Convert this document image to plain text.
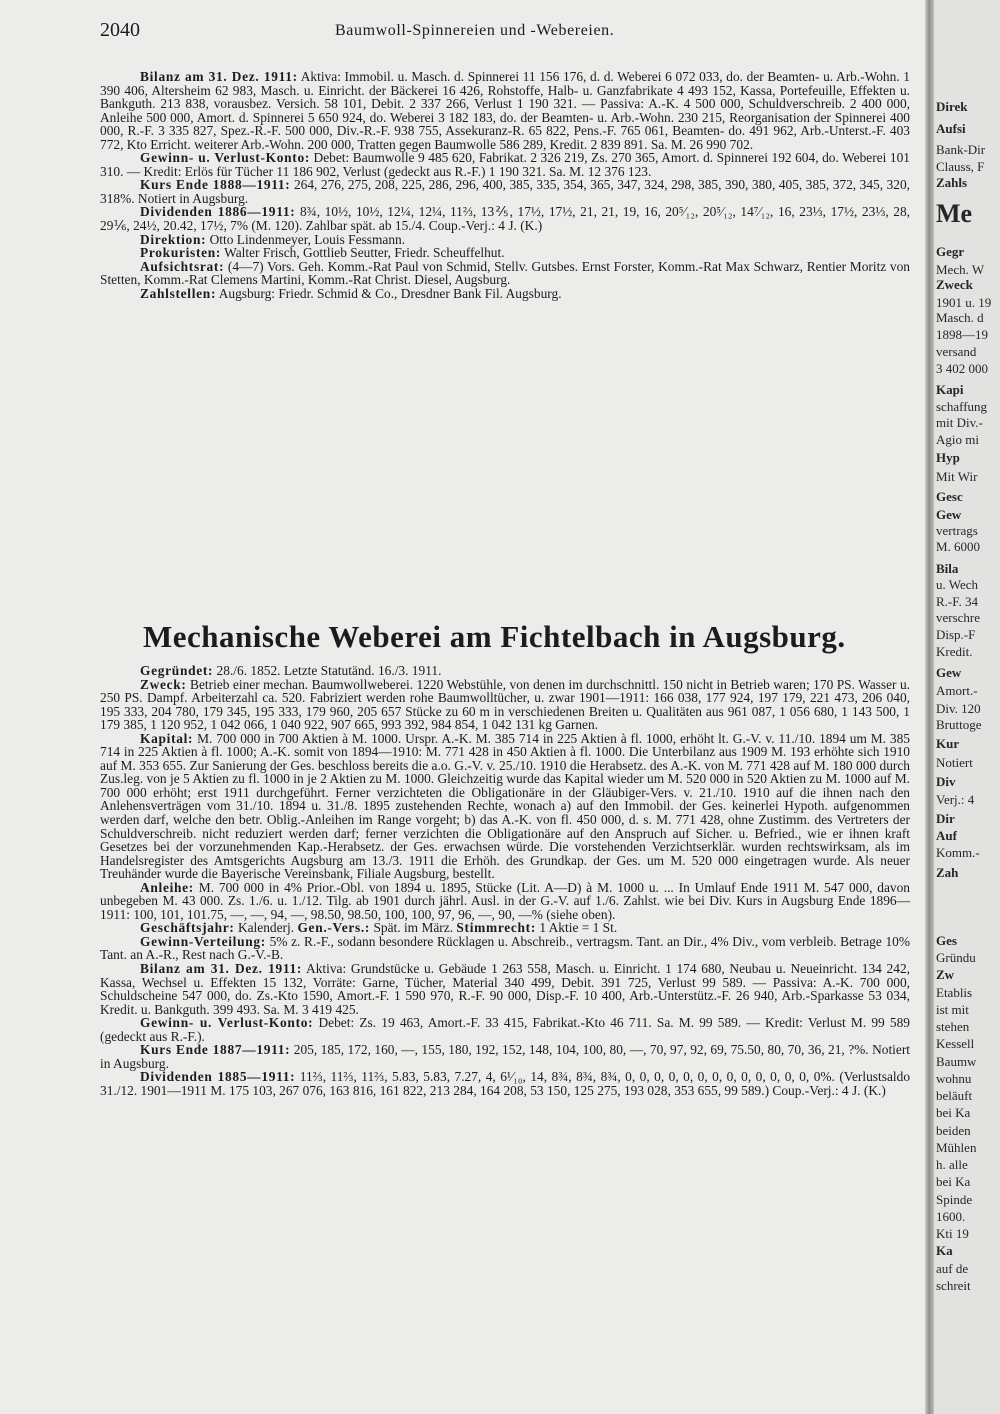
2040	Baumwoll-Spinnereien und -Webereien.

Bilanz am 31. Dez. 1911: Aktiva: Immobil. u. Masch. d. Spinnerei 11 156 176, d. d. Weberei 6 072 033, do. der Beamten- u. Arb.-Wohn. 1 390 406, Altersheim 62 983, Masch. u. Einricht. der Bäckerei 16 426, Rohstoffe, Halb- u. Ganzfabrikate 4 493 152, Kassa, Portefeuille, Effekten u. Bankguth. 213 838, vorausbez. Versich. 58 101, Debit. 2 337 266, Verlust 1 190 321. — Passiva: A.-K. 4 500 000, Schuldverschreib. 2 400 000, Anleihe 500 000, Amort. d. Spinnerei 5 650 924, do. Weberei 3 182 183, do. der Beamten- u. Arb.-Wohn. 230 215, Reorganisation der Spinnerei 400 000, R.-F. 3 335 827, Spez.-R.-F. 500 000, Div.-R.-F. 938 755, Assekuranz-R. 65 822, Pens.-F. 765 061, Beamten- do. 491 962, Arb.-Unterst.-F. 403 772, Kto Erricht. weiterer Arb.-Wohn. 200 000, Tratten gegen Baumwolle 586 289, Kredit. 2 839 891. Sa. M. 26 990 702.

Gewinn- u. Verlust-Konto: Debet: Baumwolle 9 485 620, Fabrikat. 2 326 219, Zs. 270 365, Amort. d. Spinnerei 192 604, do. Weberei 101 310. — Kredit: Erlös für Tücher 11 186 902, Verlust (gedeckt aus R.-F.) 1 190 321. Sa. M. 12 376 123.

Kurs Ende 1888—1911: 264, 276, 275, 208, 225, 286, 296, 400, 385, 335, 354, 365, 347, 324, 298, 385, 390, 380, 405, 385, 372, 345, 320, 318%. Notiert in Augsburg.

Dividenden 1886—1911: 8¾, 10½, 10½, 12¼, 12¼, 11⅔, 13⅖, 17½, 17½, 21, 21, 19, 16, 20⁵⁄₁₂, 20⁵⁄₁₂, 14⁷⁄₁₂, 16, 23⅓, 17½, 23⅓, 28, 29⅙, 24½, 20.42, 17½, 7% (M. 120). Zahlbar spät. ab 15./4. Coup.-Verj.: 4 J. (K.)

Direktion: Otto Lindenmeyer, Louis Fessmann.

Prokuristen: Walter Frisch, Gottlieb Seutter, Friedr. Scheuffelhut.

Aufsichtsrat: (4—7) Vors. Geh. Komm.-Rat Paul von Schmid, Stellv. Gutsbes. Ernst Forster, Komm.-Rat Max Schwarz, Rentier Moritz von Stetten, Komm.-Rat Clemens Martini, Komm.-Rat Christ. Diesel, Augsburg.

Zahlstellen: Augsburg: Friedr. Schmid & Co., Dresdner Bank Fil. Augsburg.

Mechanische Weberei am Fichtelbach in Augsburg.

Gegründet: 28./6. 1852. Letzte Statutänd. 16./3. 1911.

Zweck: Betrieb einer mechan. Baumwollweberei. 1220 Webstühle, von denen im durchschnittl. 150 nicht in Betrieb waren; 170 PS. Wasser u. 250 PS. Dampf. Arbeiterzahl ca. 520. Fabriziert werden rohe Baumwolltücher, u. zwar 1901—1911: 166 038, 177 924, 197 179, 221 473, 206 040, 195 333, 204 780, 179 345, 195 333, 179 960, 205 657 Stücke zu 60 m in verschiedenen Breiten u. Qualitäten aus 961 087, 1 056 680, 1 143 500, 1 179 385, 1 120 952, 1 042 066, 1 040 922, 907 665, 993 392, 984 854, 1 042 131 kg Garnen.

Kapital: M. 700 000 in 700 Aktien à M. 1000. Urspr. A.-K. M. 385 714 in 225 Aktien à fl. 1000, erhöht lt. G.-V. v. 11./10. 1894 um M. 385 714 in 225 Aktien à fl. 1000; A.-K. somit von 1894—1910: M. 771 428 in 450 Aktien à fl. 1000. Die Unterbilanz aus 1909 M. 193 erhöhte sich 1910 auf M. 353 655. Zur Sanierung der Ges. beschloss bereits die a.o. G.-V. v. 25./10. 1910 die Herabsetz. des A.-K. von M. 771 428 auf M. 180 000 durch Zus.leg. von je 5 Aktien zu fl. 1000 in je 2 Aktien zu M. 1000. Gleichzeitig wurde das Kapital wieder um M. 520 000 in 520 Aktien zu M. 1000 auf M. 700 000 erhöht; erst 1911 durchgeführt. Ferner verzichteten die Obligationäre in der Gläubiger-Vers. v. 21./10. 1910 auf die ihnen nach den Anlehensverträgen vom 31./10. 1894 u. 31./8. 1895 zustehenden Rechte, wonach a) auf den Immobil. der Ges. keinerlei Hypoth. aufgenommen werden darf, welche den betr. Oblig.-Anleihen im Range vorgeht; b) das A.-K. von fl. 450 000, d. s. M. 771 428, ohne Zustimm. des Vertreters der Schuldverschreib. nicht reduziert werden darf; ferner verzichten die Obligationäre auf den Anspruch auf Sicher. u. Befried., wie er ihnen kraft Gesetzes bei der vorzunehmenden Kap.-Herabsetz. der Ges. erwachsen würde. Die vorstehenden Verzichtserklär. wurden rechtswirksam, als im Handelsregister des Amtsgerichts Augsburg am 13./3. 1911 die Erhöh. des Grundkap. der Ges. um M. 520 000 eingetragen wurde. Als neuer Treuhänder wurde die Bayerische Vereinsbank, Filiale Augsburg, bestellt.

Anleihe: M. 700 000 in 4% Prior.-Obl. von 1894 u. 1895, Stücke (Lit. A—D) à M. 1000 u. ... In Umlauf Ende 1911 M. 547 000, davon unbegeben M. 43 000. Zs. 1./6. u. 1./12. Tilg. ab 1901 durch jährl. Ausl. in der G.-V. auf 1./6. Zahlst. wie bei Div. Kurs in Augsburg Ende 1896—1911: 100, 101, 101.75, —, —, 94, —, 98.50, 98.50, 100, 100, 97, 96, —, 90, —% (siehe oben).

Geschäftsjahr: Kalenderj. Gen.-Vers.: Spät. im März. Stimmrecht: 1 Aktie = 1 St.

Gewinn-Verteilung: 5% z. R.-F., sodann besondere Rücklagen u. Abschreib., vertragsm. Tant. an Dir., 4% Div., vom verbleib. Betrage 10% Tant. an A.-R., Rest nach G.-V.-B.

Bilanz am 31. Dez. 1911: Aktiva: Grundstücke u. Gebäude 1 263 558, Masch. u. Einricht. 1 174 680, Neubau u. Neueinricht. 134 242, Kassa, Wechsel u. Effekten 15 132, Vorräte: Garne, Tücher, Material 340 499, Debit. 391 725, Verlust 99 589. — Passiva: A.-K. 700 000, Schuldscheine 547 000, do. Zs.-Kto 1590, Amort.-F. 1 590 970, R.-F. 90 000, Disp.-F. 10 400, Arb.-Unterstütz.-F. 26 940, Arb.-Sparkasse 53 034, Kredit. u. Bankguth. 399 493. Sa. M. 3 419 425.

Gewinn- u. Verlust-Konto: Debet: Zs. 19 463, Amort.-F. 33 415, Fabrikat.-Kto 46 711. Sa. M. 99 589. — Kredit: Verlust M. 99 589 (gedeckt aus R.-F.).

Kurs Ende 1887—1911: 205, 185, 172, 160, —, 155, 180, 192, 152, 148, 104, 100, 80, —, 70, 97, 92, 69, 75.50, 80, 70, 36, 21, ?%. Notiert in Augsburg.

Dividenden 1885—1911: 11⅔, 11⅔, 11⅔, 5.83, 5.83, 7.27, 4, 6¹⁄₁₀, 14, 8¾, 8¾, 8¾, 0, 0, 0, 0, 0, 0, 0, 0, 0, 0, 0, 0, 0, 0%. (Verlustsaldo 31./12. 1901—1911 M. 175 103, 267 076, 163 816, 161 822, 213 284, 164 208, 53 150, 125 275, 193 028, 353 655, 99 589.) Coup.-Verj.: 4 J. (K.)

Direk
Aufsi
Bank-Dir
Clauss, F
Zahls
Me
Gegr
Mech. W
Zweck
1901 u. 19
Masch. d
1898—19
versand
3 402 000
Kapi
schaffung
mit Div.-
Agio mi
Hyp
Mit Wir
Gesc
Gew
vertrags
M. 6000
Bila
u. Wech
R.-F. 34
verschre
Disp.-F
Kredit.
Gew
Amort.-
Div. 120
Bruttoge
Kur
Notiert
Div
Verj.: 4
Dir
Auf
Komm.-
Zah
Ges
Gründu
Zw
Etablis
ist mit
stehen
Kessell
Baumw
wohnu
beläuft
bei Ka
beiden
Mühlen
h. alle
bei Ka
Spinde
1600.
Kti 19
Ka
auf de
schreit
